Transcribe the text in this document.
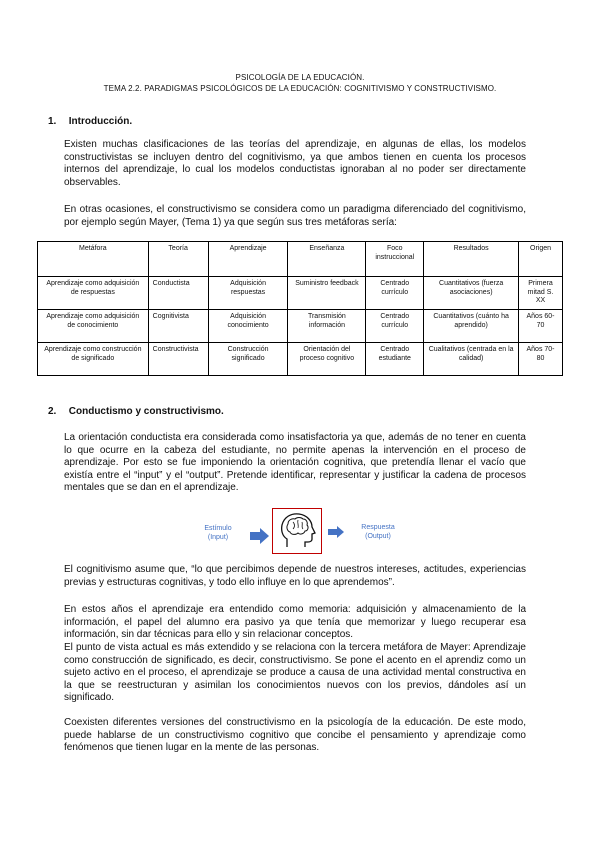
PSICOLOGÍA DE LA EDUCACIÓN.
TEMA 2.2. PARADIGMAS PSICOLÓGICOS DE LA EDUCACIÓN: COGNITIVISMO Y CONSTRUCTIVISMO.
1. Introducción.

Existen muchas clasificaciones de las teorías del aprendizaje, en algunas de ellas, los modelos constructivistas se incluyen dentro del cognitivismo, ya que ambos tienen en cuenta los procesos internos del aprendizaje, lo cual los modelos conductistas ignoraban al no poder ser directamente observables.

En otras ocasiones, el constructivismo se considera como un paradigma diferenciado del cognitivismo, por ejemplo según Mayer, (Tema 1) ya que según sus tres metáforas sería:

Metáfora	Teoría	Aprendizaje	Enseñanza	Foco instruccional	Resultados	Origen
Aprendizaje como adquisición de respuestas	Conductista	Adquisición respuestas	Suministro feedback	Centrado currículo	Cuantitativos (fuerza asociaciones)	Primera mitad S. XX
Aprendizaje como adquisición de conocimiento	Cognitivista	Adquisición conocimiento	Transmisión información	Centrado currículo	Cuantitativos (cuánto ha aprendido)	Años 60-70
Aprendizaje como construcción de significado	Constructivista	Construcción significado	Orientación del proceso cognitivo	Centrado estudiante	Cualitativos (centrada en la calidad)	Años 70-80
2. Conductismo y constructivismo.

La orientación conductista era considerada como insatisfactoria ya que, además de no tener en cuenta lo que ocurre en la cabeza del estudiante, no permite apenas la intervención en el proceso de aprendizaje. Por esto se fue imponiendo la orientación cognitiva, que pretendía llenar el vacío que existía entre el “input” y el “output”. Pretende identificar, representar y justificar la cadena de procesos mentales que se dan en el aprendizaje.

Estímulo
(Input)
Respuesta
(Output)

El cognitivismo asume que, “lo que percibimos depende de nuestros intereses, actitudes, experiencias previas y estructuras cognitivas, y todo ello influye en lo que aprendemos”.

En estos años el aprendizaje era entendido como memoria: adquisición y almacenamiento de la información, el papel del alumno era pasivo ya que tenía que memorizar y luego recuperar esa información, sin dar técnicas para ello y sin relacionar conceptos.

El punto de vista actual es más extendido y se relaciona con la tercera metáfora de Mayer: Aprendizaje como construcción de significado, es decir, constructivismo. Se pone el acento en el aprendiz como un sujeto activo en el proceso, el aprendizaje se produce a causa de una actividad mental constructiva en la que se reestructuran y asimilan los conocimientos nuevos con los previos, dándoles así un significado.

Coexisten diferentes versiones del constructivismo en la psicología de la educación. De este modo, puede hablarse de un constructivismo cognitivo que concibe el pensamiento y aprendizaje como fenómenos que tienen lugar en la mente de las personas.
